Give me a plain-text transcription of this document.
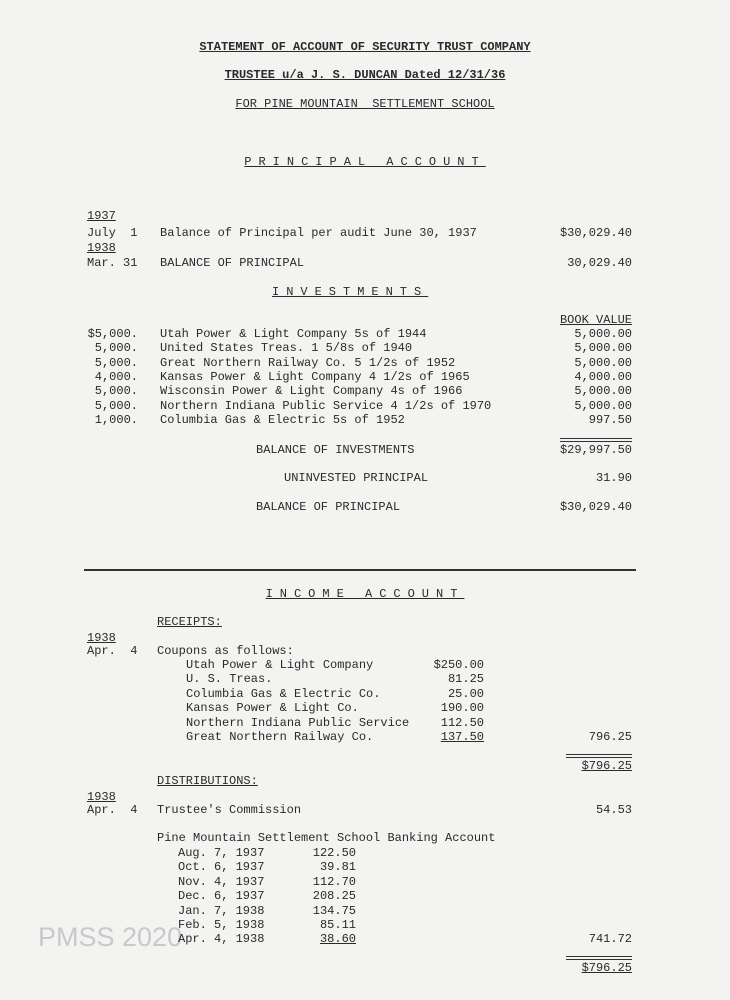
PMSS 2020
STATEMENT OF ACCOUNT OF SECURITY TRUST COMPANY
TRUSTEE u/a J. S. DUNCAN Dated 12/31/36
FOR PINE MOUNTAIN  SETTLEMENT SCHOOL
PRINCIPAL ACCOUNT
1937
July  1 Balance of Principal per audit June 30, 1937	$30,029.40
1938
Mar. 31 BALANCE OF PRINCIPAL	30,029.40
INVESTMENTS
BOOK VALUE
$5,000. Utah Power & Light Company 5s of 1944	5,000.00
5,000. United States Treas. 1 5/8s of 1940	5,000.00
5,000. Great Northern Railway Co. 5 1/2s of 1952	5,000.00
4,000. Kansas Power & Light Company 4 1/2s of 1965	4,000.00
5,000. Wisconsin Power & Light Company 4s of 1966	5,000.00
5,000. Northern Indiana Public Service 4 1/2s of 1970	5,000.00
1,000. Columbia Gas & Electric 5s of 1952	997.50
BALANCE OF INVESTMENTS	$29,997.50
UNINVESTED PRINCIPAL	31.90
BALANCE OF PRINCIPAL	$30,029.40
INCOME ACCOUNT
RECEIPTS:
1938
Apr.  4 Coupons as follows:
Utah Power & Light Company	$250.00
U. S. Treas.	81.25
Columbia Gas & Electric Co.	25.00
Kansas Power & Light Co.	190.00
Northern Indiana Public Service	112.50
Great Northern Railway Co.	137.50	796.25
$796.25
DISTRIBUTIONS:
1938
Apr.  4 Trustee's Commission	54.53
Pine Mountain Settlement School Banking Account
Aug. 7, 1937	122.50
Oct. 6, 1937	39.81
Nov. 4, 1937	112.70
Dec. 6, 1937	208.25
Jan. 7, 1938	134.75
Feb. 5, 1938	85.11
Apr. 4, 1938	38.60	741.72
$796.25
